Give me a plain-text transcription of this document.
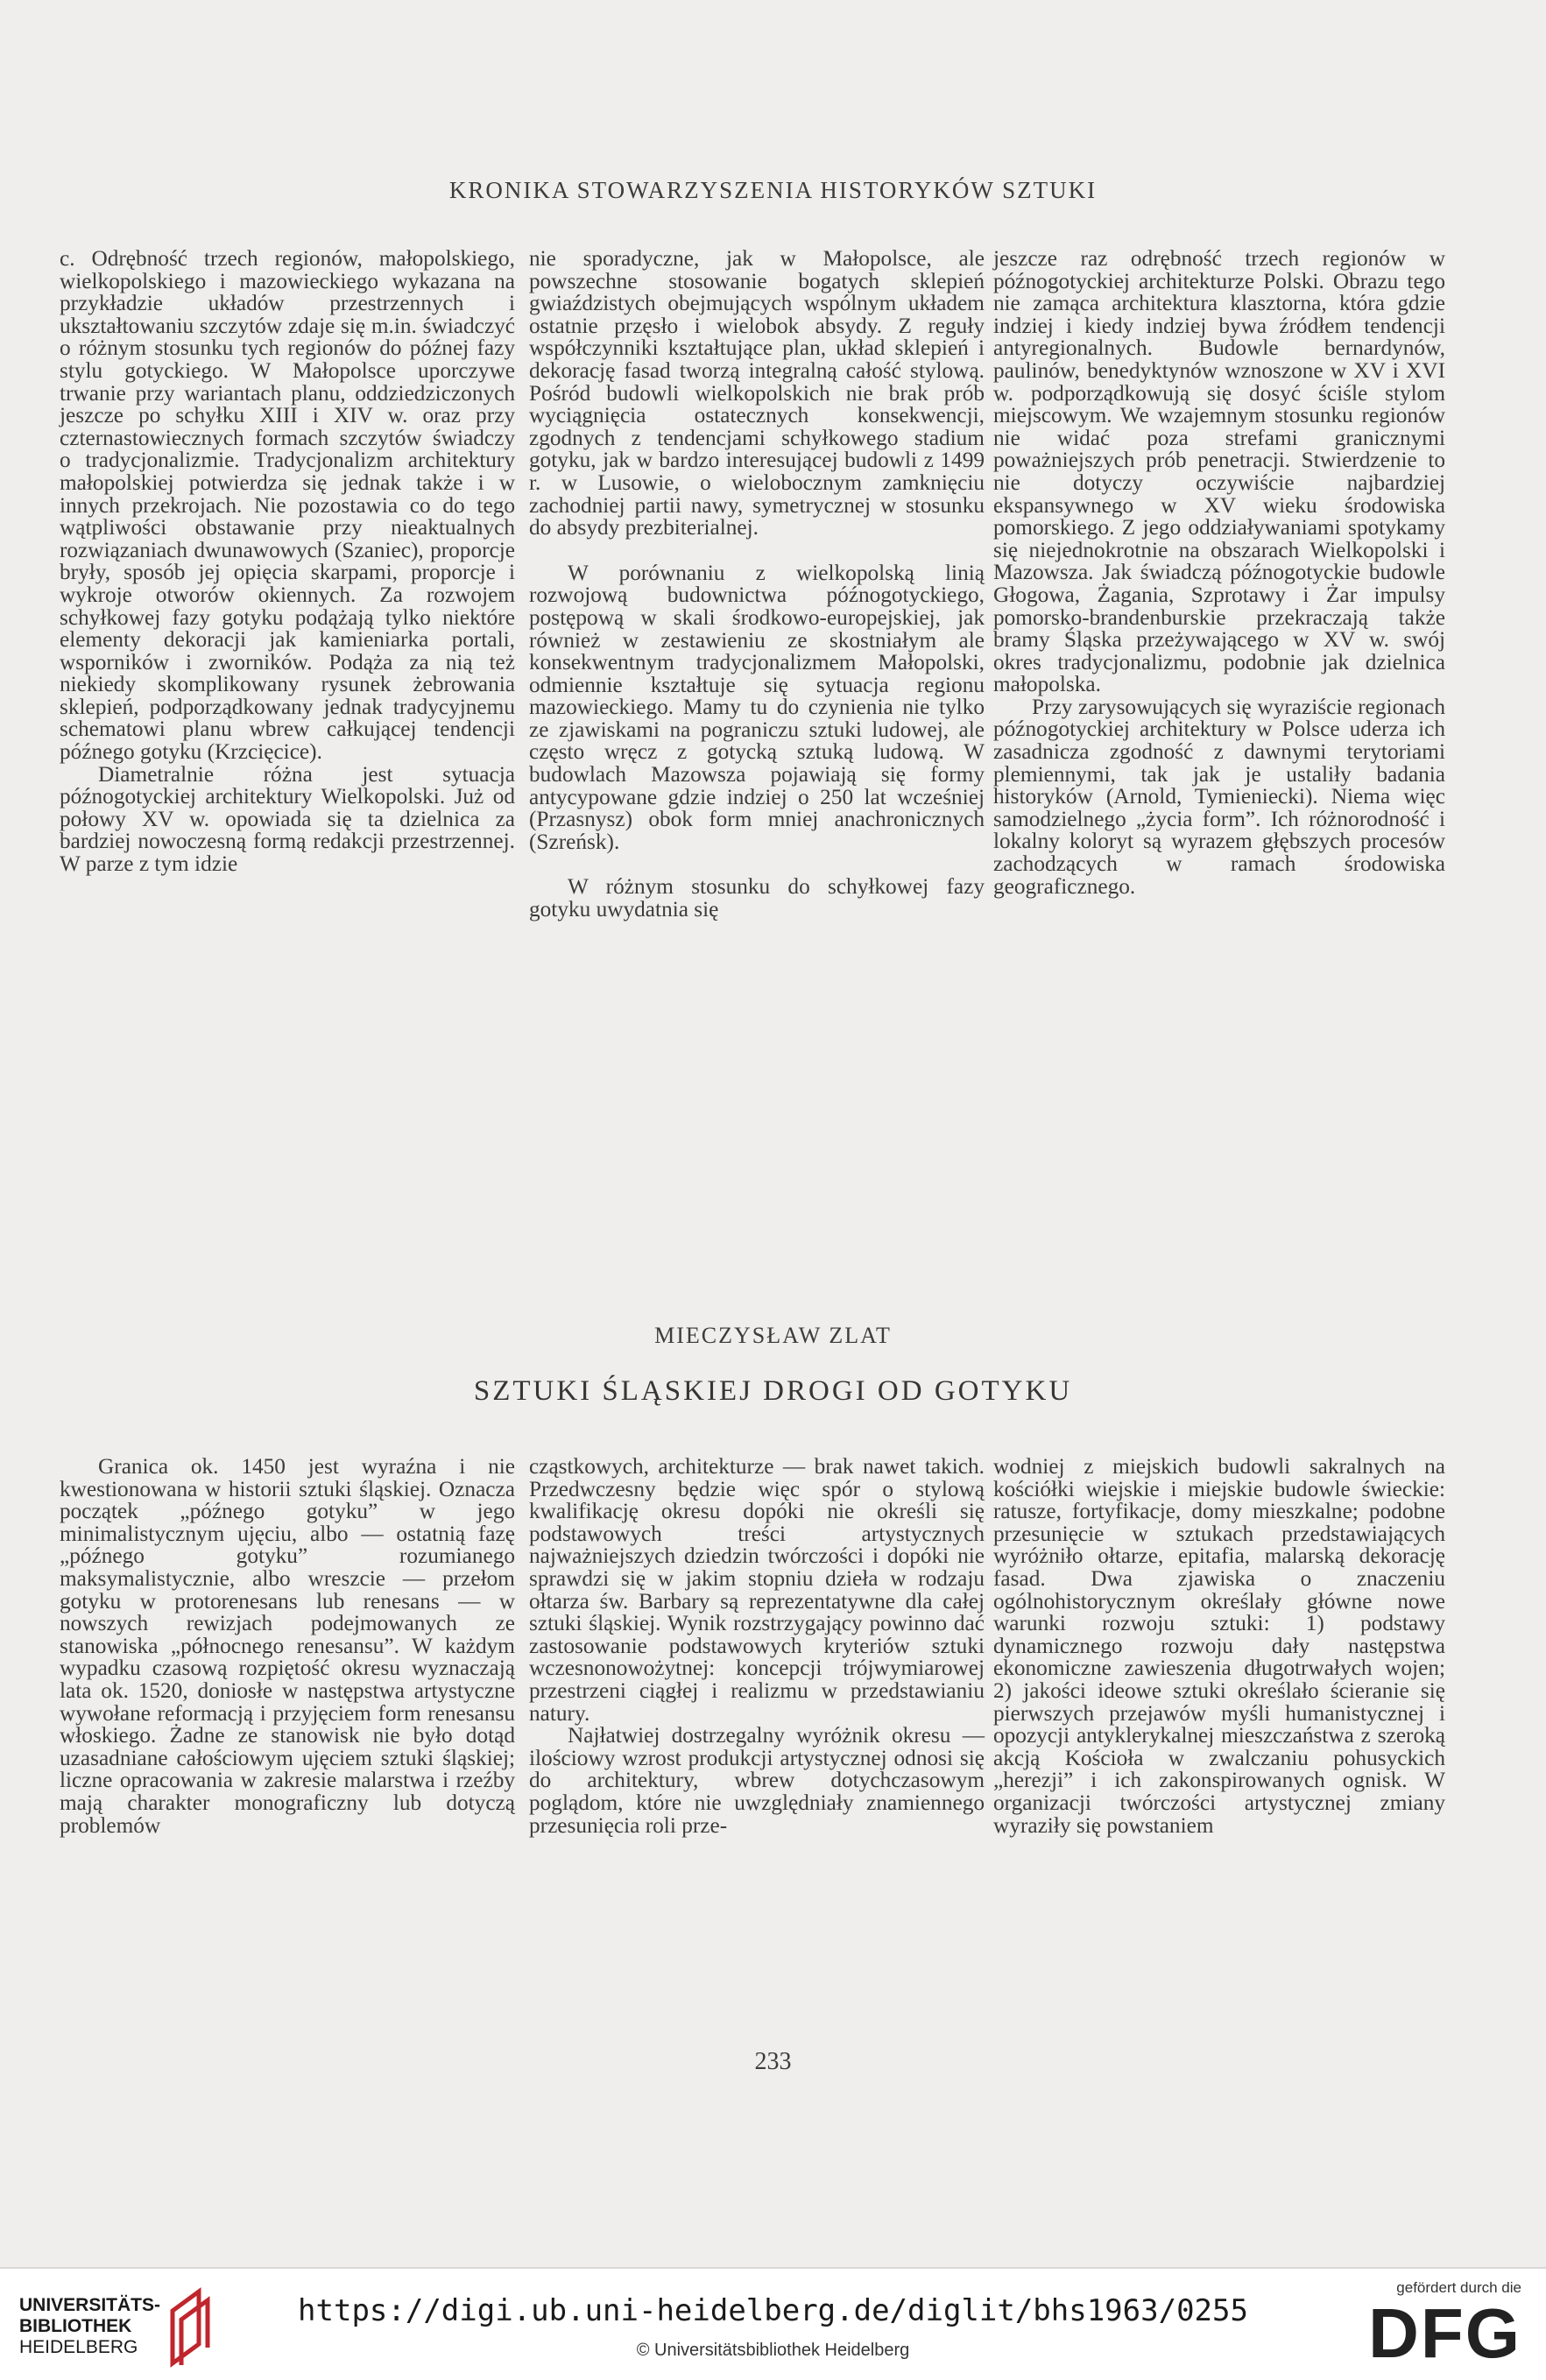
KRONIKA STOWARZYSZENIA HISTORYKÓW SZTUKI

c. Odrębność trzech regionów, małopolskiego, wielkopolskiego i mazowieckiego wykazana na przykładzie układów przestrzennych i ukształtowaniu szczytów zdaje się m.in. świadczyć o różnym stosunku tych regionów do późnej fazy stylu gotyckiego. W Małopolsce uporczywe trwanie przy wariantach planu, oddziedziczonych jeszcze po schyłku XIII i XIV w. oraz przy czternastowiecznych formach szczytów świadczy o tradycjonalizmie. Tradycjonalizm architektury małopolskiej potwierdza się jednak także i w innych przekrojach. Nie pozostawia co do tego wątpliwości obstawanie przy nieaktualnych rozwiązaniach dwunawowych (Szaniec), proporcje bryły, sposób jej opięcia skarpami, proporcje i wykroje otworów okiennych. Za rozwojem schyłkowej fazy gotyku podążają tylko niektóre elementy dekoracji jak kamieniarka portali, wsporników i zworników. Podąża za nią też niekiedy skomplikowany rysunek żebrowania sklepień, podporządkowany jednak tradycyjnemu schematowi planu wbrew całkującej tendencji późnego gotyku (Krzcięcice).

Diametralnie różna jest sytuacja późnogotyckiej architektury Wielkopolski. Już od połowy XV w. opowiada się ta dzielnica za bardziej nowoczesną formą redakcji przestrzennej. W parze z tym idzie

nie sporadyczne, jak w Małopolsce, ale powszechne stosowanie bogatych sklepień gwiaździstych obejmujących wspólnym układem ostatnie przęsło i wielobok absydy. Z reguły współczynniki kształtujące plan, układ sklepień i dekorację fasad tworzą integralną całość stylową. Pośród budowli wielkopolskich nie brak prób wyciągnięcia ostatecznych konsekwencji, zgodnych z tendencjami schyłkowego stadium gotyku, jak w bardzo interesującej budowli z 1499 r. w Lusowie, o wielobocznym zamknięciu zachodniej partii nawy, symetrycznej w stosunku do absydy prezbiterialnej.

W porównaniu z wielkopolską linią rozwojową budownictwa późnogotyckiego, postępową w skali środkowo-europejskiej, jak również w zestawieniu ze skostniałym ale konsekwentnym tradycjonalizmem Małopolski, odmiennie kształtuje się sytuacja regionu mazowieckiego. Mamy tu do czynienia nie tylko ze zjawiskami na pograniczu sztuki ludowej, ale często wręcz z gotycką sztuką ludową. W budowlach Mazowsza pojawiają się formy antycypowane gdzie indziej o 250 lat wcześniej (Przasnysz) obok form mniej anachronicznych (Szreńsk).

W różnym stosunku do schyłkowej fazy gotyku uwydatnia się

jeszcze raz odrębność trzech regionów w późnogotyckiej architekturze Polski. Obrazu tego nie zamąca architektura klasztorna, która gdzie indziej i kiedy indziej bywa źródłem tendencji antyregionalnych. Budowle bernardynów, paulinów, benedyktynów wznoszone w XV i XVI w. podporządkowują się dosyć ściśle stylom miejscowym. We wzajemnym stosunku regionów nie widać poza strefami granicznymi poważniejszych prób penetracji. Stwierdzenie to nie dotyczy oczywiście najbardziej ekspansywnego w XV wieku środowiska pomorskiego. Z jego oddziaływaniami spotykamy się niejednokrotnie na obszarach Wielkopolski i Mazowsza. Jak świadczą późnogotyckie budowle Głogowa, Żagania, Szprotawy i Żar impulsy pomorsko-brandenburskie przekraczają także bramy Śląska przeżywającego w XV w. swój okres tradycjonalizmu, podobnie jak dzielnica małopolska.

Przy zarysowujących się wyraziście regionach późnogotyckiej architektury w Polsce uderza ich zasadnicza zgodność z dawnymi terytoriami plemiennymi, tak jak je ustaliły badania historyków (Arnold, Tymieniecki). Niema więc samodzielnego „życia form”. Ich różnorodność i lokalny koloryt są wyrazem głębszych procesów zachodzących w ramach środowiska geograficznego.

MIECZYSŁAW ZLAT
SZTUKI ŚLĄSKIEJ DROGI OD GOTYKU

Granica ok. 1450 jest wyraźna i nie kwestionowana w historii sztuki śląskiej. Oznacza początek „późnego gotyku” w jego minimalistycznym ujęciu, albo — ostatnią fazę „późnego gotyku” rozumianego maksymalistycznie, albo wreszcie — przełom gotyku w protorenesans lub renesans — w nowszych rewizjach podejmowanych ze stanowiska „północnego renesansu”. W każdym wypadku czasową rozpiętość okresu wyznaczają lata ok. 1520, doniosłe w następstwa artystyczne wywołane reformacją i przyjęciem form renesansu włoskiego. Żadne ze stanowisk nie było dotąd uzasadniane całościowym ujęciem sztuki śląskiej; liczne opracowania w zakresie malarstwa i rzeźby mają charakter monograficzny lub dotyczą problemów

cząstkowych, architekturze — brak nawet takich. Przedwczesny będzie więc spór o stylową kwalifikację okresu dopóki nie określi się podstawowych treści artystycznych najważniejszych dziedzin twórczości i dopóki nie sprawdzi się w jakim stopniu dzieła w rodzaju ołtarza św. Barbary są reprezentatywne dla całej sztuki śląskiej. Wynik rozstrzygający powinno dać zastosowanie podstawowych kryteriów sztuki wczesnonowożytnej: koncepcji trójwymiarowej przestrzeni ciągłej i realizmu w przedstawianiu natury.

Najłatwiej dostrzegalny wyróżnik okresu — ilościowy wzrost produkcji artystycznej odnosi się do architektury, wbrew dotychczasowym poglądom, które nie uwzględniały znamiennego przesunięcia roli prze-

wodniej z miejskich budowli sakralnych na kościółki wiejskie i miejskie budowle świeckie: ratusze, fortyfikacje, domy mieszkalne; podobne przesunięcie w sztukach przedstawiających wyróżniło ołtarze, epitafia, malarską dekorację fasad. Dwa zjawiska o znaczeniu ogólnohistorycznym określały główne nowe warunki rozwoju sztuki: 1) podstawy dynamicznego rozwoju dały następstwa ekonomiczne zawieszenia długotrwałych wojen; 2) jakości ideowe sztuki określało ścieranie się pierwszych przejawów myśli humanistycznej i opozycji antyklerykalnej mieszczaństwa z szeroką akcją Kościoła w zwalczaniu pohusyckich „herezji” i ich zakonspirowanych ognisk. W organizacji twórczości artystycznej zmiany wyraziły się powstaniem

233
UNIVERSITÄTS-
BIBLIOTHEK
HEIDELBERG
https://digi.ub.uni-heidelberg.de/diglit/bhs1963/0255
© Universitätsbibliothek Heidelberg
gefördert durch die
DFG
